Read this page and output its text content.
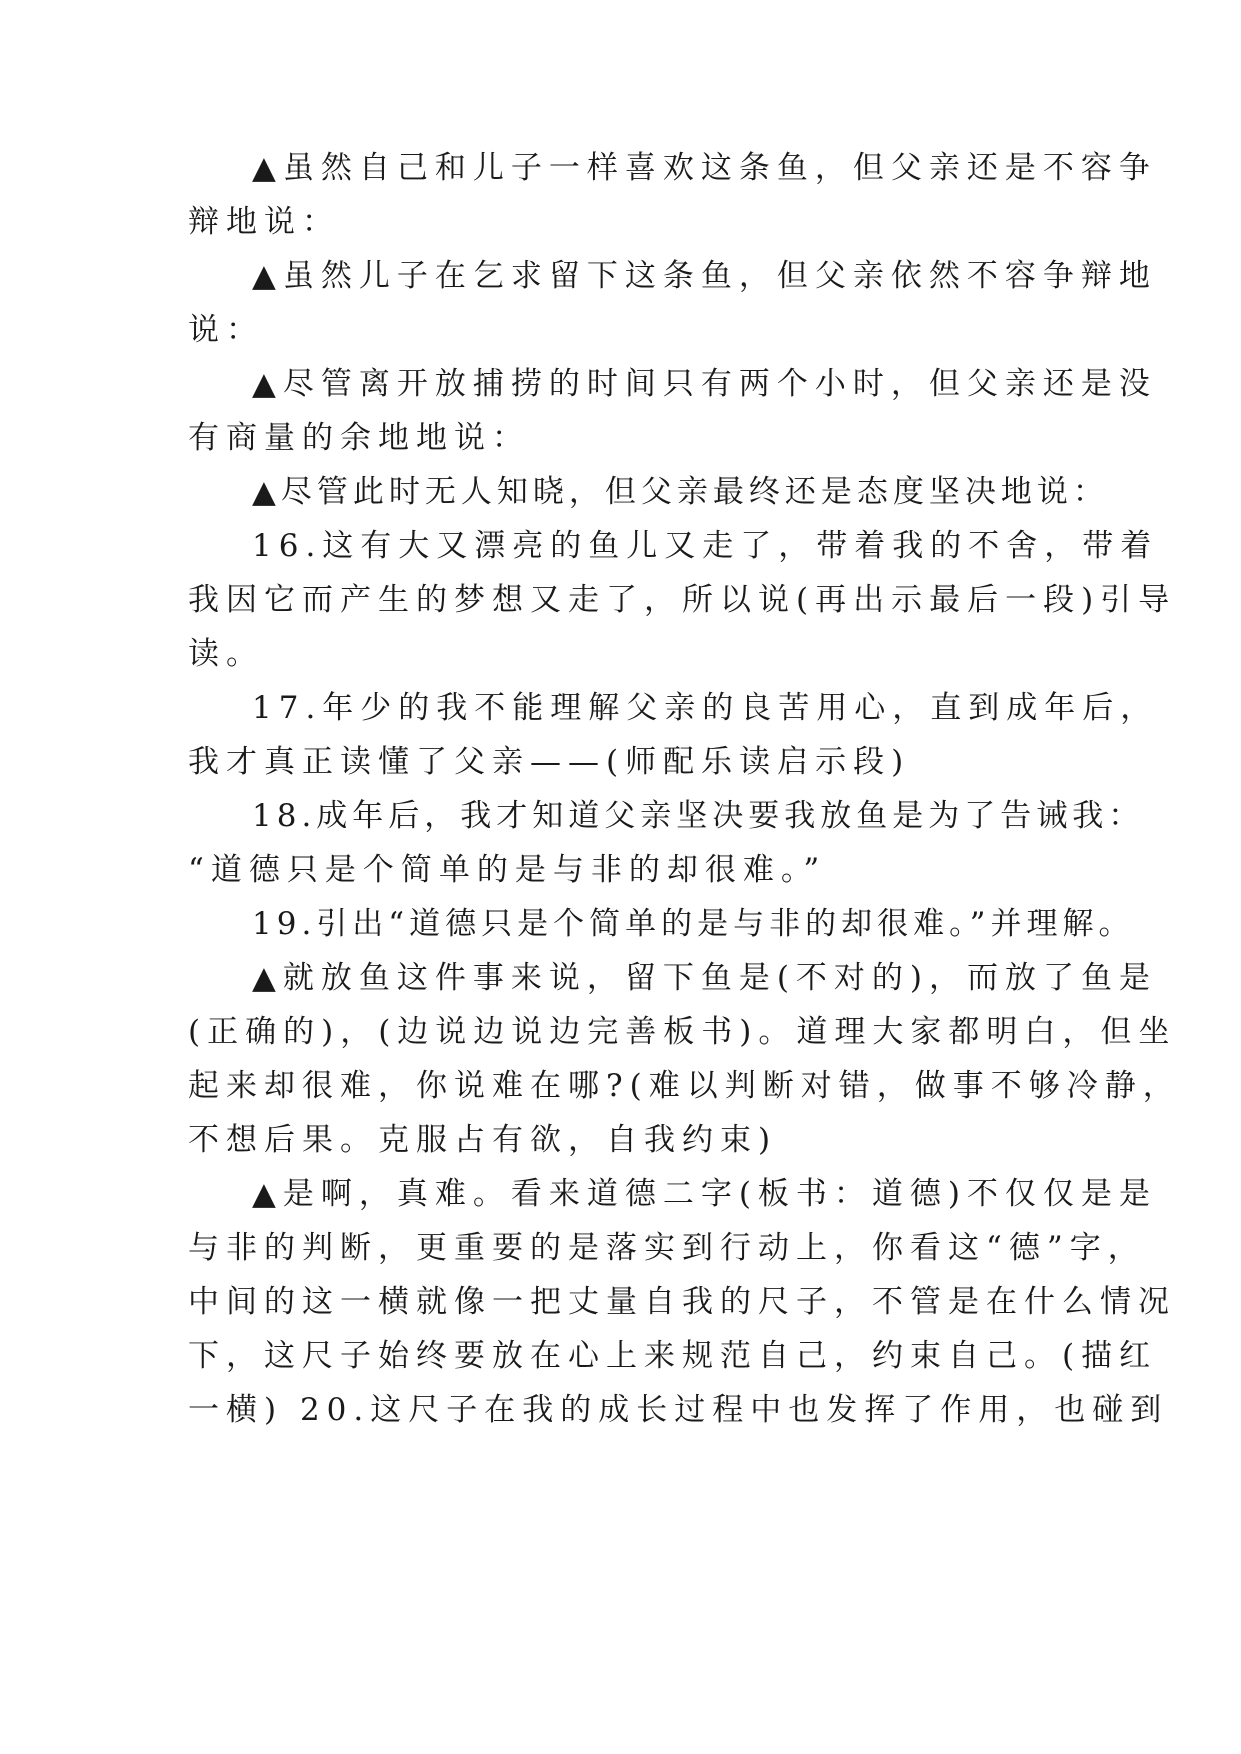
▲虽然自己和儿子一样喜欢这条鱼，但父亲还是不容争
辩地说：
▲虽然儿子在乞求留下这条鱼，但父亲依然不容争辩地
说：
▲尽管离开放捕捞的时间只有两个小时，但父亲还是没
有商量的余地地说：
▲尽管此时无人知晓，但父亲最终还是态度坚决地说：
16.这有大又漂亮的鱼儿又走了，带着我的不舍，带着
我因它而产生的梦想又走了，所以说(再出示最后一段)引导
读。
17.年少的我不能理解父亲的良苦用心，直到成年后，
我才真正读懂了父亲——(师配乐读启示段)
18.成年后，我才知道父亲坚决要我放鱼是为了告诫我：
“道德只是个简单的是与非的却很难。”
19.引出“道德只是个简单的是与非的却很难。”并理解。
▲就放鱼这件事来说，留下鱼是(不对的)，而放了鱼是
(正确的)，(边说边说边完善板书)。道理大家都明白，但坐
起来却很难，你说难在哪?(难以判断对错，做事不够冷静，
不想后果。克服占有欲，自我约束)
▲是啊，真难。看来道德二字(板书：道德)不仅仅是是
与非的判断，更重要的是落实到行动上，你看这“德”字，
中间的这一横就像一把丈量自我的尺子，不管是在什么情况
下，这尺子始终要放在心上来规范自己，约束自己。(描红
一横) 20.这尺子在我的成长过程中也发挥了作用，也碰到
